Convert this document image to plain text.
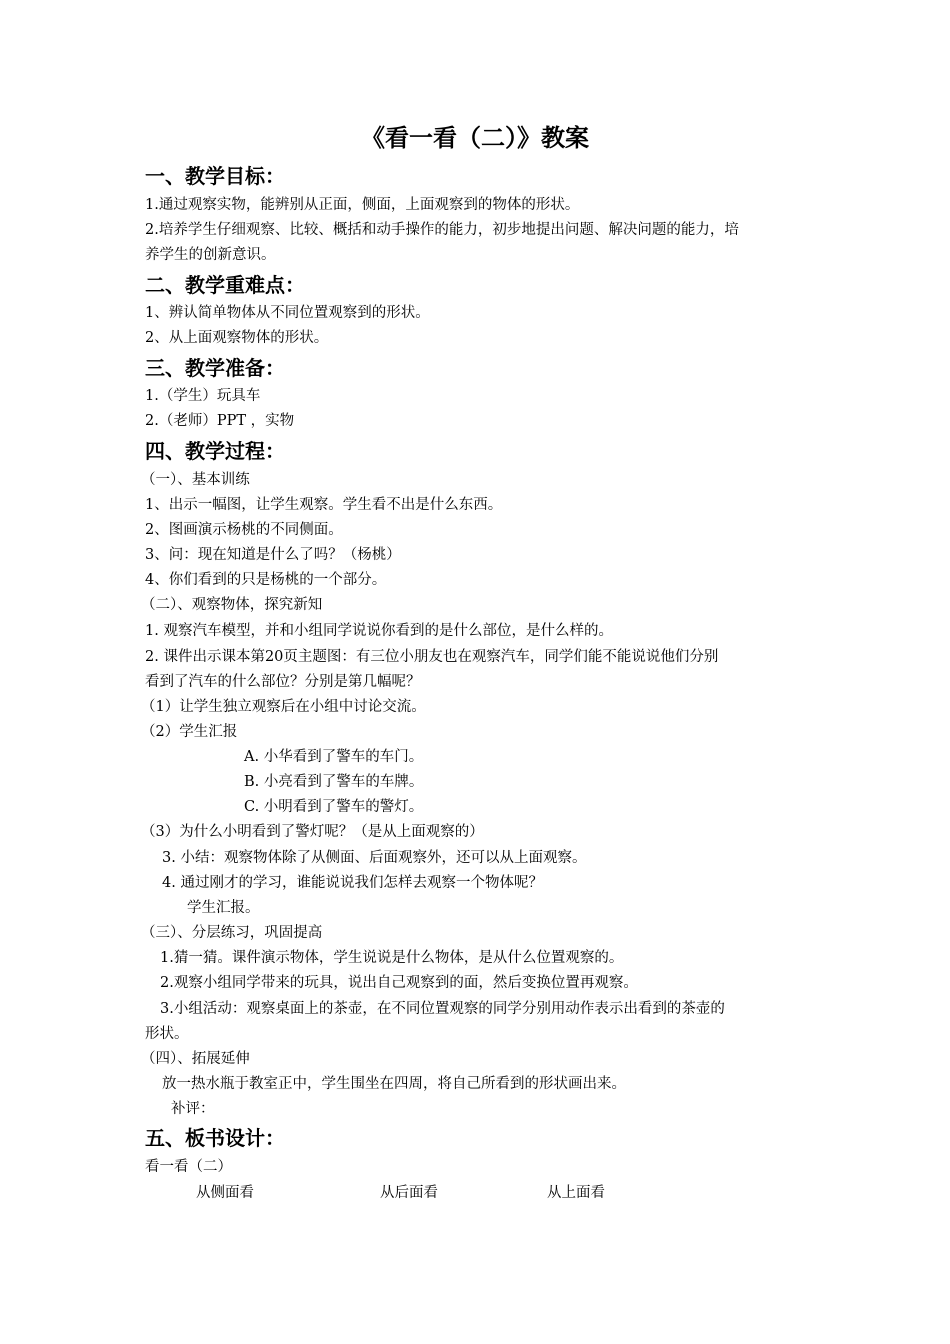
《看一看（二）》教案
一、教学目标：
1.通过观察实物，能辨别从正面，侧面，上面观察到的物体的形状。
2.培养学生仔细观察、比较、概括和动手操作的能力，初步地提出问题、解决问题的能力，培
养学生的创新意识。
二、教学重难点：
1、辨认简单物体从不同位置观察到的形状。
2、从上面观察物体的形状。
三、教学准备：
1.（学生）玩具车
2.（老师）PPT ，实物
四、教学过程：
（一）、基本训练
1、出示一幅图，让学生观察。学生看不出是什么东西。
2、图画演示杨桃的不同侧面。
3、问：现在知道是什么了吗？（杨桃）
4、你们看到的只是杨桃的一个部分。
（二）、观察物体，探究新知
1. 观察汽车模型，并和小组同学说说你看到的是什么部位，是什么样的。
2. 课件出示课本第20页主题图：有三位小朋友也在观察汽车，同学们能不能说说他们分别
看到了汽车的什么部位？分别是第几幅呢？
（1）让学生独立观察后在小组中讨论交流。
（2）学生汇报
A. 小华看到了警车的车门。
B. 小亮看到了警车的车牌。
C. 小明看到了警车的警灯。
（3）为什么小明看到了警灯呢？（是从上面观察的）
3. 小结：观察物体除了从侧面、后面观察外，还可以从上面观察。
4. 通过刚才的学习，谁能说说我们怎样去观察一个物体呢？
学生汇报。
（三）、分层练习，巩固提高
1.猜一猜。课件演示物体，学生说说是什么物体，是从什么位置观察的。
2.观察小组同学带来的玩具，说出自己观察到的面，然后变换位置再观察。
3.小组活动：观察桌面上的茶壶，在不同位置观察的同学分别用动作表示出看到的茶壶的
形状。
（四）、拓展延伸
放一热水瓶于教室正中，学生围坐在四周，将自己所看到的形状画出来。
补评：
五、板书设计：
看一看（二）
从侧面看	从后面看	从上面看
